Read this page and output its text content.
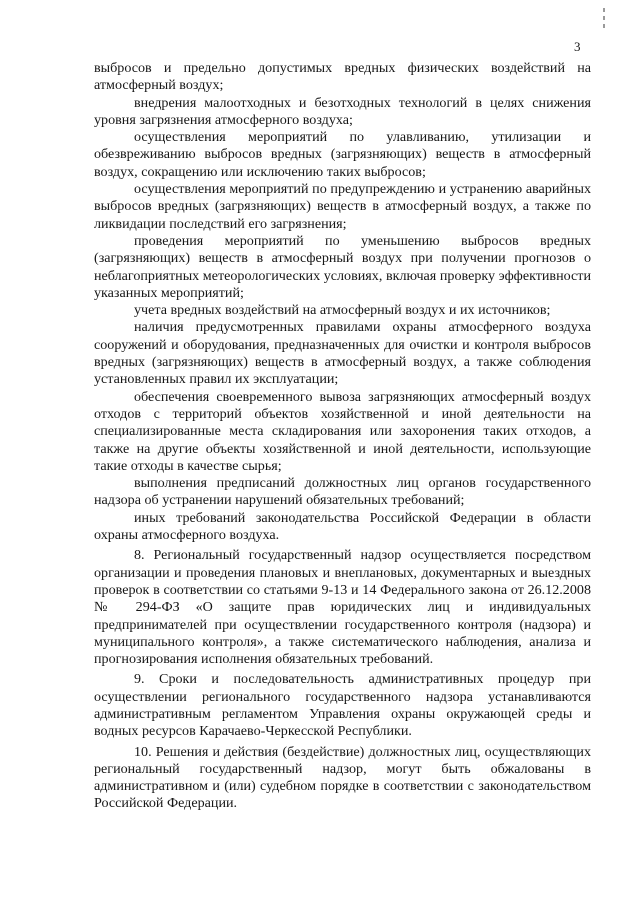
3

выбросов и предельно допустимых вредных физических воздействий на атмосферный воздух;

внедрения малоотходных и безотходных технологий в целях снижения уровня загрязнения атмосферного воздуха;

осуществления мероприятий по улавливанию, утилизации и обезвреживанию выбросов вредных (загрязняющих) веществ в атмосферный воздух, сокращению или исключению таких выбросов;

осуществления мероприятий по предупреждению и устранению аварийных выбросов вредных (загрязняющих) веществ в атмосферный воздух, а также по ликвидации последствий его загрязнения;

проведения мероприятий по уменьшению выбросов вредных (загрязняющих) веществ в атмосферный воздух при получении прогнозов о неблагоприятных метеорологических условиях, включая проверку эффективности указанных мероприятий;

учета вредных воздействий на атмосферный воздух и их источников;

наличия предусмотренных правилами охраны атмосферного воздуха сооружений и оборудования, предназначенных для очистки и контроля выбросов вредных (загрязняющих) веществ в атмосферный воздух, а также соблюдения установленных правил их эксплуатации;

обеспечения своевременного вывоза загрязняющих атмосферный воздух отходов с территорий объектов хозяйственной и иной деятельности на специализированные места складирования или захоронения таких отходов, а также на другие объекты хозяйственной и иной деятельности, использующие такие отходы в качестве сырья;

выполнения предписаний должностных лиц органов государственного надзора об устранении нарушений обязательных требований;

иных требований законодательства Российской Федерации в области охраны атмосферного воздуха.

8. Региональный государственный надзор осуществляется посредством организации и проведения плановых и внеплановых, документарных и выездных проверок в соответствии со статьями 9-13 и 14 Федерального закона от 26.12.2008 № 294-ФЗ «О защите прав юридических лиц и индивидуальных предпринимателей при осуществлении государственного контроля (надзора) и муниципального контроля», а также систематического наблюдения, анализа и прогнозирования исполнения обязательных требований.

9. Сроки и последовательность административных процедур при осуществлении регионального государственного надзора устанавливаются административным регламентом Управления охраны окружающей среды и водных ресурсов Карачаево-Черкесской Республики.

10. Решения и действия (бездействие) должностных лиц, осуществляющих региональный государственный надзор, могут быть обжалованы в административном и (или) судебном порядке в соответствии с законодательством Российской Федерации.
